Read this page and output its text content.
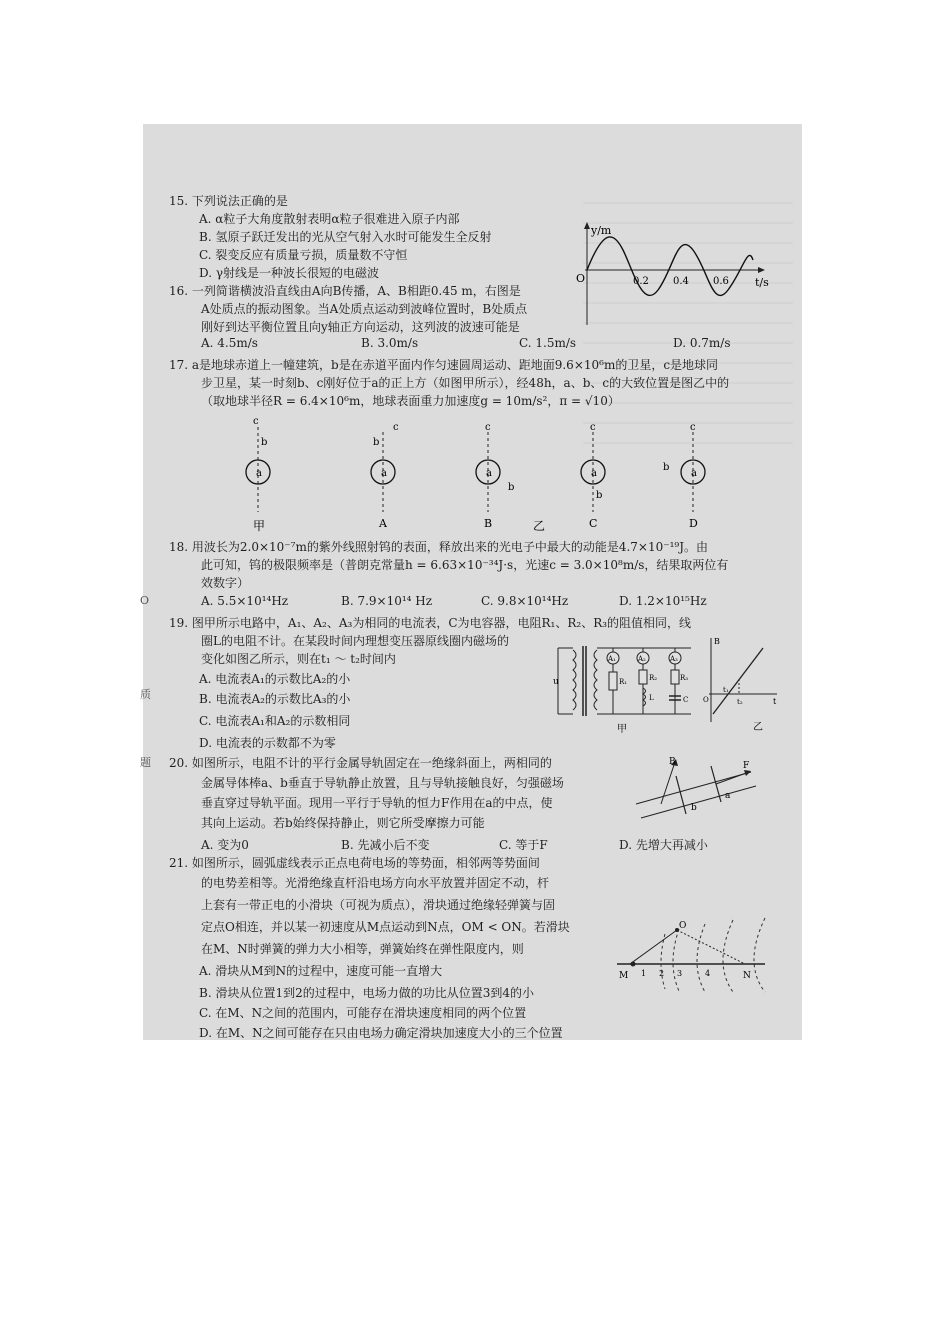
O
质
题
15. 下列说法正确的是
A. α粒子大角度散射表明α粒子很难进入原子内部
B. 氢原子跃迁发出的光从空气射入水时可能发生全反射
C. 裂变反应有质量亏损，质量数不守恒
D. γ射线是一种波长很短的电磁波
y/m
t/s
O	0.2 0.4 0.6
16. 一列简谐横波沿直线由A向B传播，A、B相距0.45 m，右图是
A处质点的振动图象。当A处质点运动到波峰位置时，B处质点
刚好到达平衡位置且向y轴正方向运动，这列波的波速可能是
A. 4.5m/s	B. 3.0m/s	C. 1.5m/s	D. 0.7m/s
17. a是地球赤道上一幢建筑，b是在赤道平面内作匀速圆周运动、距地面9.6×10⁶m的卫星，c是地球同
步卫星，某一时刻b、c刚好位于a的正上方（如图甲所示），经48h，a、b、c的大致位置是图乙中的
（取地球半径R = 6.4×10⁶m，地球表面重力加速度g = 10m/s²，π = √10）
a
b
c
甲
a
b
c
A
a
c
b
B
a
c
b
C
a
c
b
D
乙
18. 用波长为2.0×10⁻⁷m的紫外线照射钨的表面，释放出来的光电子中最大的动能是4.7×10⁻¹⁹J。由
此可知，钨的极限频率是（普朗克常量h = 6.63×10⁻³⁴J·s，光速c = 3.0×10⁸m/s，结果取两位有
效数字）
A. 5.5×10¹⁴Hz	B. 7.9×10¹⁴ Hz	C. 9.8×10¹⁴Hz	D. 1.2×10¹⁵Hz
19. 图甲所示电路中，A₁、A₂、A₃为相同的电流表，C为电容器，电阻R₁、R₂、R₃的阻值相同，线
圈L的电阻不计。在某段时间内理想变压器原线圈内磁场的
变化如图乙所示，则在t₁ ～ t₂时间内
A. 电流表A₁的示数比A₂的小
B. 电流表A₂的示数比A₃的小
C. 电流表A₁和A₂的示数相同
D. 电流表的示数都不为零
u
A₁
R₁
A₂
R₂
L
A₃
R₃
C
甲
B
O	t
t₁
t₂
乙
20. 如图所示，电阻不计的平行金属导轨固定在一绝缘斜面上，两相同的
金属导体棒a、b垂直于导轨静止放置，且与导轨接触良好，匀强磁场
垂直穿过导轨平面。现用一平行于导轨的恒力F作用在a的中点，使
其向上运动。若b始终保持静止，则它所受摩擦力可能
A. 变为0	B. 先减小后不变	C. 等于F	D. 先增大再减小
B	F
a
b
21. 如图所示，圆弧虚线表示正点电荷电场的等势面，相邻两等势面间
的电势差相等。光滑绝缘直杆沿电场方向水平放置并固定不动，杆
上套有一带正电的小滑块（可视为质点），滑块通过绝缘轻弹簧与固
定点O相连，并以某一初速度从M点运动到N点，OM < ON。若滑块
在M、N时弹簧的弹力大小相等，弹簧始终在弹性限度内，则
A. 滑块从M到N的过程中，速度可能一直增大
B. 滑块从位置1到2的过程中，电场力做的功比从位置3到4的小
C. 在M、N之间的范围内，可能存在滑块速度相同的两个位置
D. 在M、N之间可能存在只由电场力确定滑块加速度大小的三个位置
O
M	N
1 2 3	4
